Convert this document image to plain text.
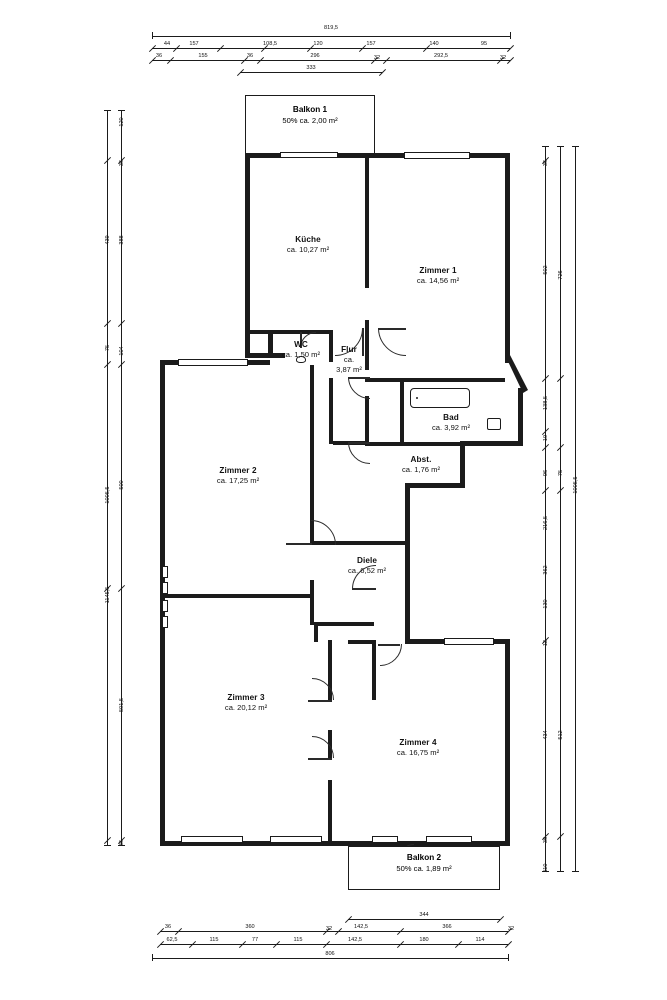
819,5
44	157	108,5	120	157	140	95
36	155	36	296	32	292,5	32
333
120
36
439 388
75 104
1005,5
500
1145,5
501,5
36
36
502
726
138,5
19
96 75
216,5
1005,5
362
130
12
434 512
36
110
344
36	360	32	142,5	366	32
62,5	115	77	115	142,5	180	114
806
Balkon 1
50% ca. 2,00 m²
Küche
ca. 10,27 m²
Zimmer 1
ca. 14,56 m²
WC
ca. 1,50 m²
Flur
ca.
3,87 m²
Bad
ca. 3,92 m²
Abst.
ca. 1,76 m²
Zimmer 2
ca. 17,25 m²
Diele
ca. 6,52 m²
Zimmer 3
ca. 20,12 m²
Zimmer 4
ca. 16,75 m²
Balkon 2
50% ca. 1,89 m²
